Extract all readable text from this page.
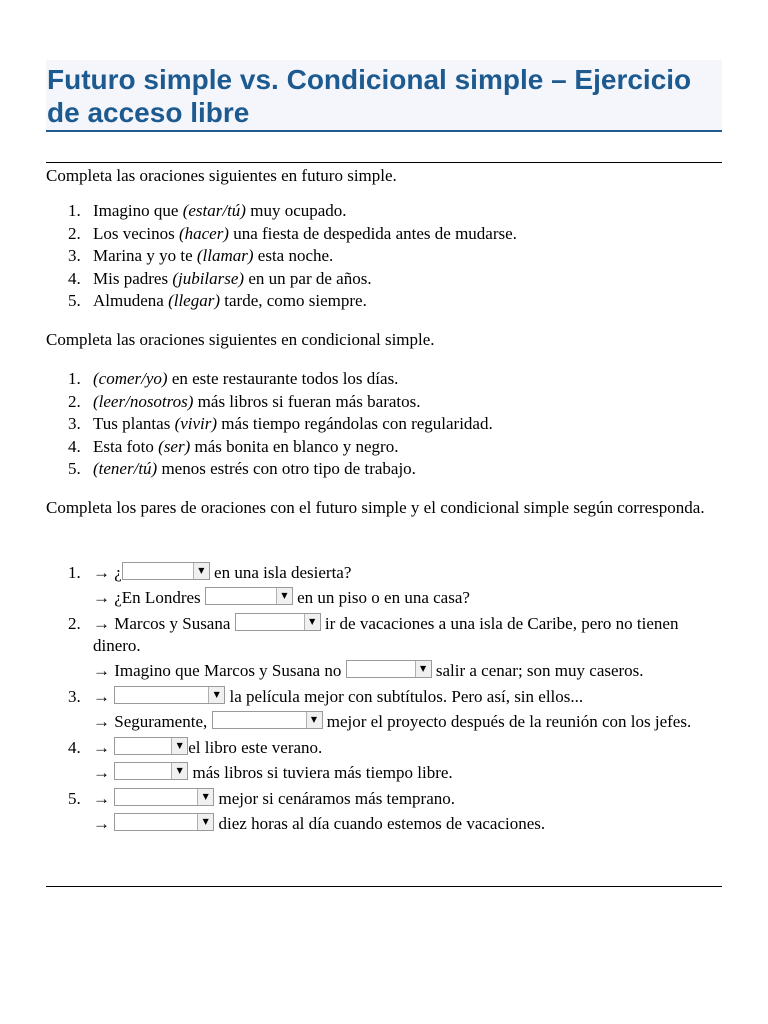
Futuro simple vs. Condicional simple – Ejercicio de acceso libre

Completa las oraciones siguientes en futuro simple.

1. Imagino que (estar/tú) muy ocupado.
2. Los vecinos (hacer) una fiesta de despedida antes de mudarse.
3. Marina y yo te (llamar) esta noche.
4. Mis padres (jubilarse) en un par de años.
5. Almudena (llegar) tarde, como siempre.

Completa las oraciones siguientes en condicional simple.

1. (comer/yo) en este restaurante todos los días.
2. (leer/nosotros) más libros si fueran más baratos.
3. Tus plantas (vivir) más tiempo regándolas con regularidad.
4. Esta foto (ser) más bonita en blanco y negro.
5. (tener/tú) menos estrés con otro tipo de trabajo.

Completa los pares de oraciones con el futuro simple y el condicional simple según corresponda.

1. → ¿	▼ en una isla desierta?
→ ¿En Londres	▼ en un piso o en una casa?
2. → Marcos y Susana	▼ ir de vacaciones a una isla de Caribe, pero no tienen dinero.
→ Imagino que Marcos y Susana no	▼ salir a cenar; son muy caseros.
3. →	▼ la película mejor con subtítulos. Pero así, sin ellos...
→ Seguramente,	▼ mejor el proyecto después de la reunión con los jefes.
4. →	▼ el libro este verano.
→	▼ más libros si tuviera más tiempo libre.
5. →	▼ mejor si cenáramos más temprano.
→	▼ diez horas al día cuando estemos de vacaciones.
